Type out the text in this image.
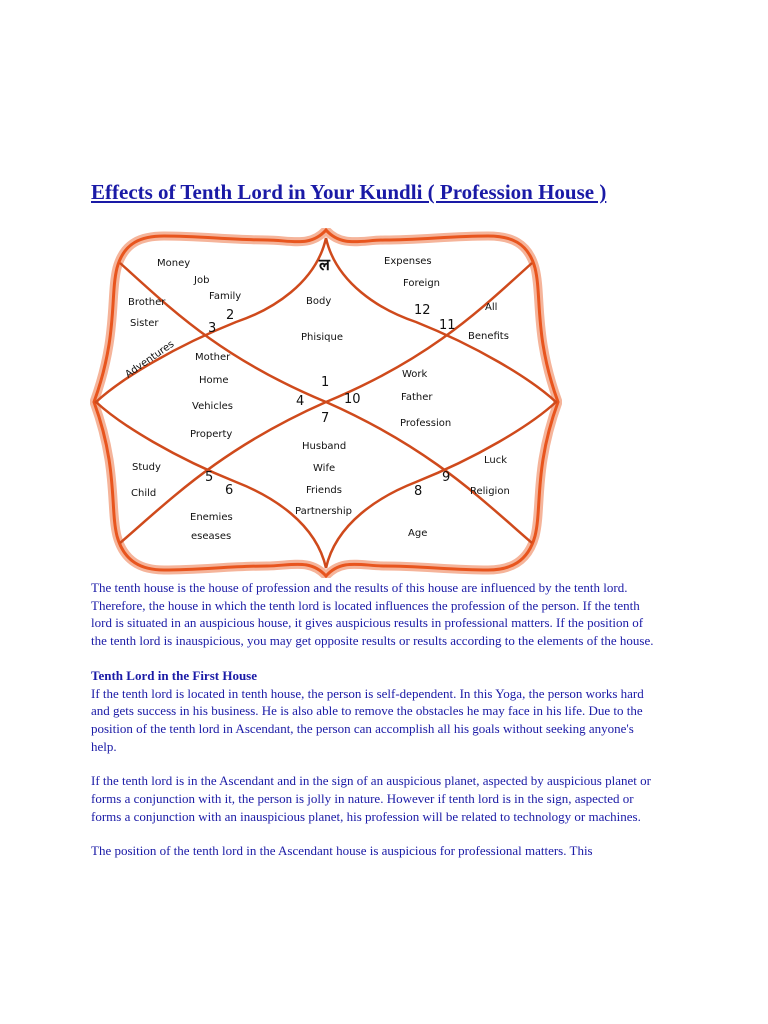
Effects of Tenth Lord in Your Kundli ( Profession House )
ल
Money
Job
Family
Brother
Sister
Adventures
Body
Phisique
Expenses
Foreign
All
Benefits
Mother
Home
Vehicles
Property
Work
Father
Profession
Study
Child
Husband
Wife
Friends
Partnership
Luck
Religion
Enemies
eseases	Age
1
2
3
4
5
6
7
8
9
10
11
12

The tenth house is the house of profession and the results of this house are influenced by the tenth lord. Therefore, the house in which the tenth lord is located influences the profession of the person. If the tenth lord is situated in an auspicious house, it gives auspicious results in professional matters. If the position of the tenth lord is inauspicious, you may get opposite results or results according to the elements of the house.

Tenth Lord in the First House

If the tenth lord is located in tenth house, the person is self-dependent. In this Yoga, the person works hard and gets success in his business. He is also able to remove the obstacles he may face in his life. Due to the position of the tenth lord in Ascendant, the person can accomplish all his goals without seeking anyone's help.

If the tenth lord is in the Ascendant and in the sign of an auspicious planet, aspected by auspicious planet or forms a conjunction with it, the person is jolly in nature. However if tenth lord is in the sign, aspected or forms a conjunction with an inauspicious planet, his profession will be related to technology or machines.

The position of the tenth lord in the Ascendant house is auspicious for professional matters. This
